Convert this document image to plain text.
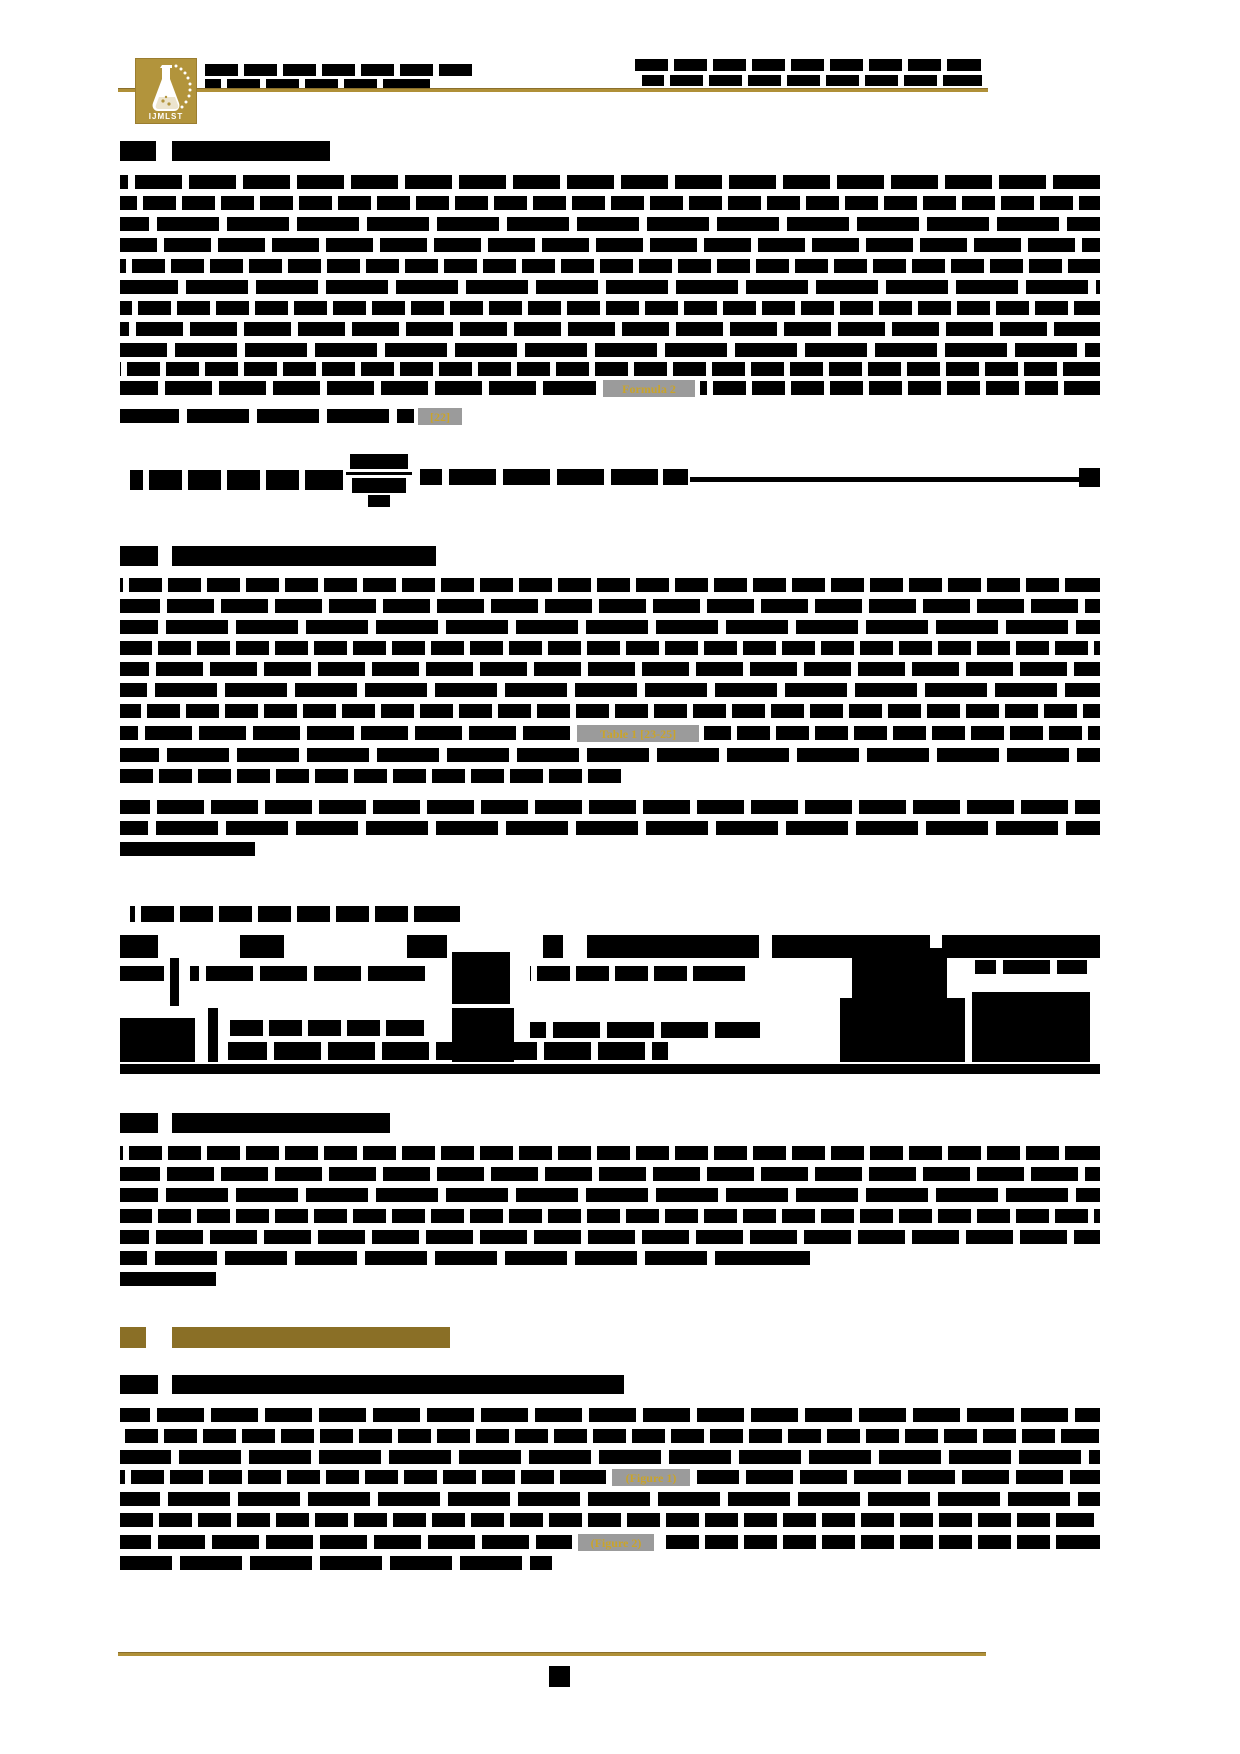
IJMLST
Formula 2
[22]
Table 1 [23-25]
(Figure 1)
(Figure 2)
